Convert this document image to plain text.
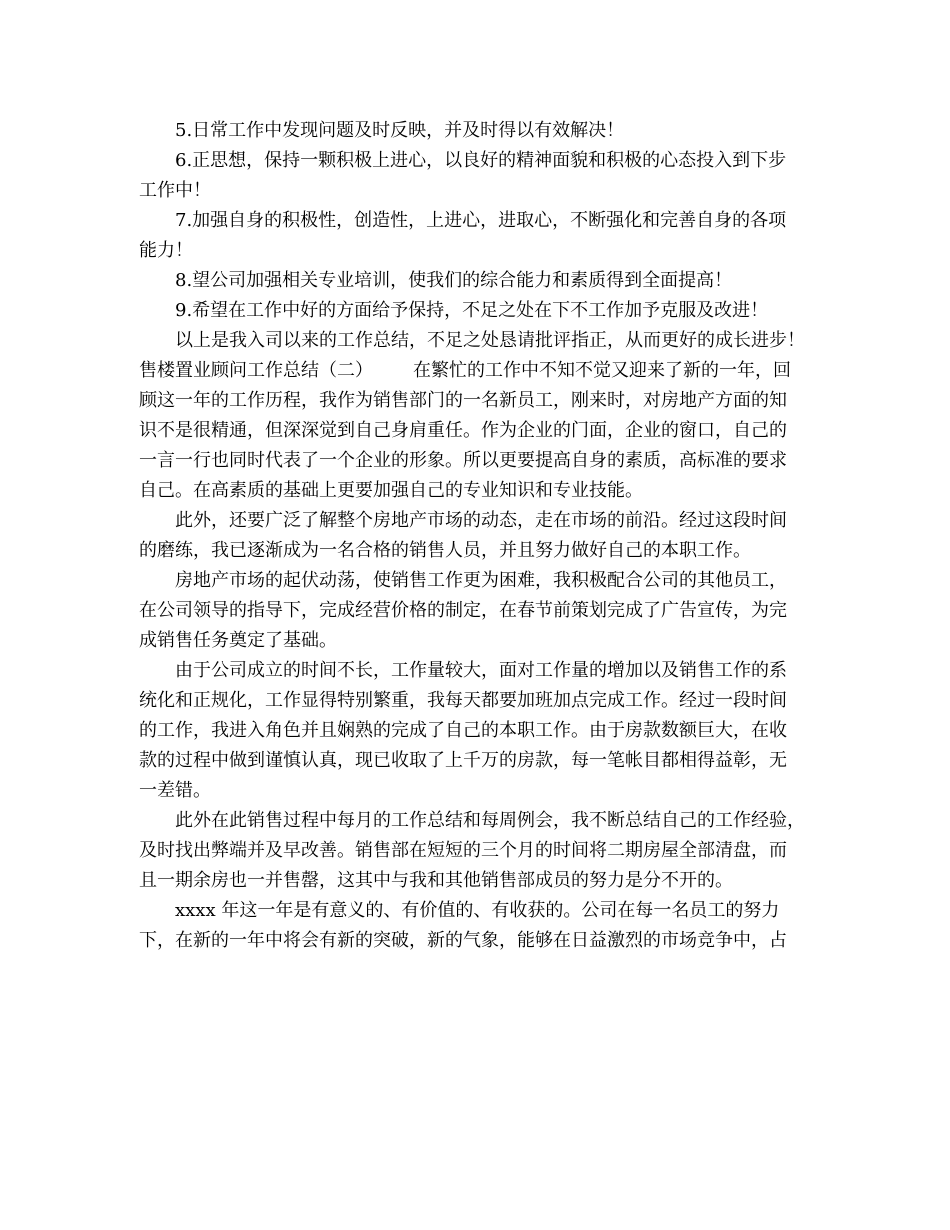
5.日常工作中发现问题及时反映，并及时得以有效解决！
6.正思想，保持一颗积极上进心，以良好的精神面貌和积极的心态投入到下步
工作中！
7.加强自身的积极性，创造性，上进心，进取心，不断强化和完善自身的各项
能力！
8.望公司加强相关专业培训，使我们的综合能力和素质得到全面提高！
9.希望在工作中好的方面给予保持，不足之处在下不工作加予克服及改进！
以上是我入司以来的工作总结，不足之处恳请批评指正，从而更好的成长进步！
售楼置业顾问工作总结（二） 在繁忙的工作中不知不觉又迎来了新的一年，回
顾这一年的工作历程，我作为销售部门的一名新员工，刚来时，对房地产方面的知
识不是很精通，但深深觉到自己身肩重任。作为企业的门面，企业的窗口，自己的
一言一行也同时代表了一个企业的形象。所以更要提高自身的素质，高标准的要求
自己。在高素质的基础上更要加强自己的专业知识和专业技能。
此外，还要广泛了解整个房地产市场的动态，走在市场的前沿。经过这段时间
的磨练，我已逐渐成为一名合格的销售人员，并且努力做好自己的本职工作。
房地产市场的起伏动荡，使销售工作更为困难，我积极配合公司的其他员工，
在公司领导的指导下，完成经营价格的制定，在春节前策划完成了广告宣传，为完
成销售任务奠定了基础。
由于公司成立的时间不长，工作量较大，面对工作量的增加以及销售工作的系
统化和正规化，工作显得特别繁重，我每天都要加班加点完成工作。经过一段时间
的工作，我进入角色并且娴熟的完成了自己的本职工作。由于房款数额巨大，在收
款的过程中做到谨慎认真，现已收取了上千万的房款，每一笔帐目都相得益彰，无
一差错。
此外在此销售过程中每月的工作总结和每周例会，我不断总结自己的工作经验，
及时找出弊端并及早改善。销售部在短短的三个月的时间将二期房屋全部清盘，而
且一期余房也一并售罄，这其中与我和其他销售部成员的努力是分不开的。
xxxx 年这一年是有意义的、有价值的、有收获的。公司在每一名员工的努力
下，在新的一年中将会有新的突破，新的气象，能够在日益激烈的市场竞争中，占
